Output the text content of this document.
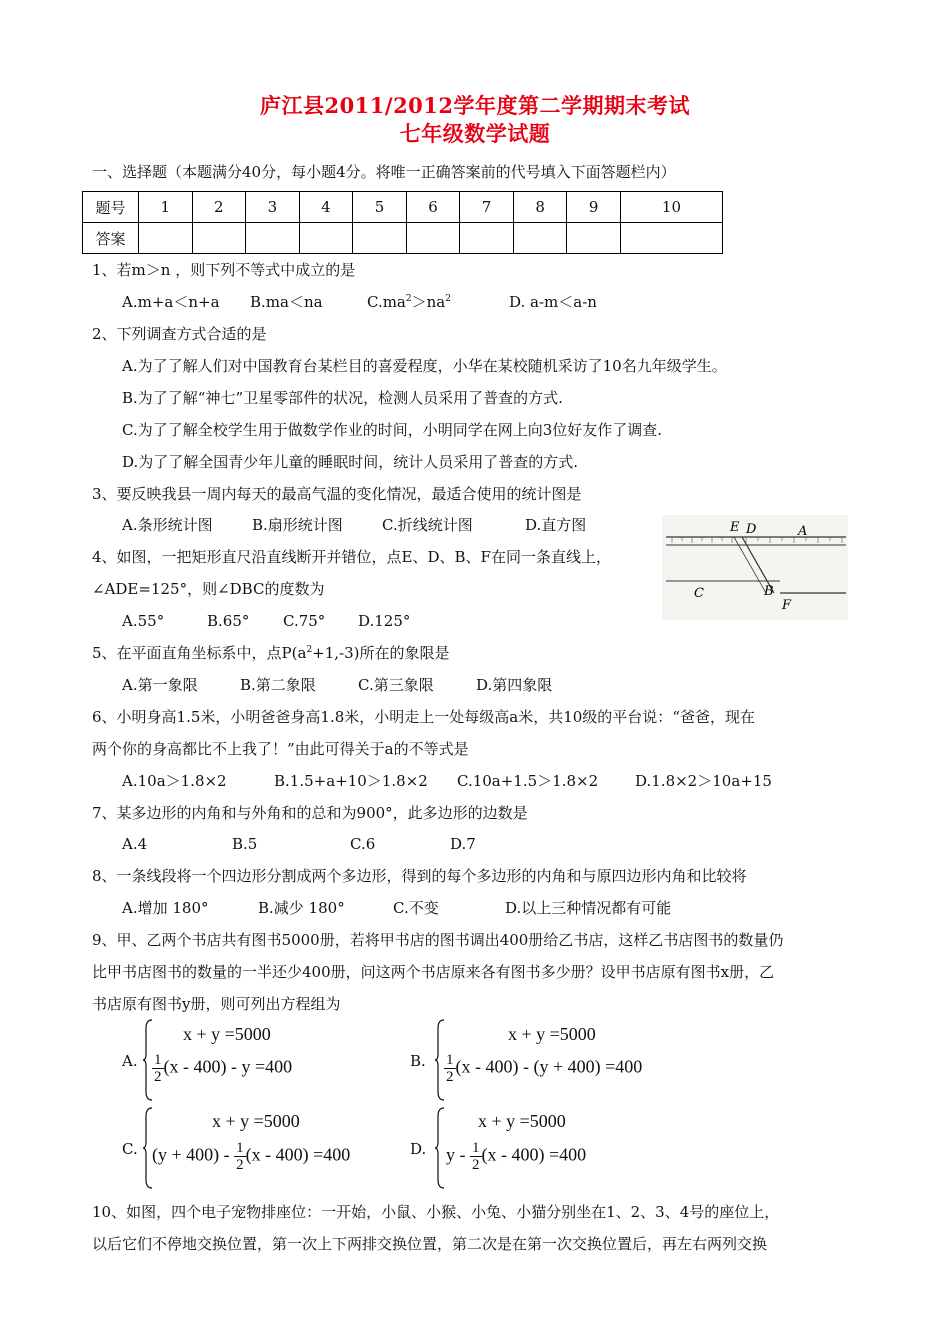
庐江县2011/2012学年度第二学期期末考试
七年级数学试题
一、选择题（本题满分40分，每小题4分。将唯一正确答案前的代号填入下面答题栏内）
题号	1	2	3	4	5	6	7	8	9	10
答案										
1、若m＞n ，则下列不等式中成立的是
A.m+a＜n+a B.ma＜na	$C.ma^2>na^2$	D. a-m＜a-n
2、下列调查方式合适的是
A.为了了解人们对中国教育台某栏目的喜爱程度，小华在某校随机采访了10名九年级学生。
B.为了了解“神七”卫星零部件的状况，检测人员采用了普查的方式.
C.为了了解全校学生用于做数学作业的时间，小明同学在网上向3位好友作了调查.
D.为了了解全国青少年儿童的睡眠时间，统计人员采用了普查的方式.
3、要反映我县一周内每天的最高气温的变化情况，最适合使用的统计图是
A.条形统计图	B.扇形统计图	C.折线统计图	D.直方图
4、如图，一把矩形直尺沿直线断开并错位，点E、D、B、F在同一条直线上，
∠ADE=125°，则∠DBC的度数为
A.55°	B.65° C.75° D.125°
E D	A
C	B
F
5、在平面直角坐标系中，点$P(a^2+1,-3)$所在的象限是
A.第一象限	B.第二象限	C.第三象限	D.第四象限
6、小明身高1.5米，小明爸爸身高1.8米，小明走上一处每级高a米，共10级的平台说：“爸爸，现在
两个你的身高都比不上我了！”由此可得关于a的不等式是
A.10a＞1.8×2	B.1.5+a+10＞1.8×2 C.10a+1.5＞1.8×2 D.1.8×2＞10a+15
7、某多边形的内角和与外角和的总和为900°，此多边形的边数是
A.4	B.5	C.6	D.7
8、一条线段将一个四边形分割成两个多边形，得到的每个多边形的内角和与原四边形内角和比较将
A.增加 180°	B.减少 180°	C.不变	D.以上三种情况都有可能
9、甲、乙两个书店共有图书5000册，若将甲书店的图书调出400册给乙书店，这样乙书店图书的数量仍
比甲书店图书的数量的一半还少400册，问这两个书店原来各有图书多少册？设甲书店原有图书x册，乙
书店原有图书y册，则可列出方程组为
A.
x + y =5000
$\frac{1}{2} (x - 400) - y =400$	B.
x + y =5000
$\frac{1}{2} (x - 400) - (y + 400) =400$
C.
x + y =5000
$(y + 400) - \frac{1}{2} (x - 400) =400$	D.
x + y =5000
$y - \frac{1}{2} (x - 400) =400$
10、如图，四个电子宠物排座位：一开始，小鼠、小猴、小兔、小猫分别坐在1、2、3、4号的座位上，
以后它们不停地交换位置，第一次上下两排交换位置，第二次是在第一次交换位置后，再左右两列交换
